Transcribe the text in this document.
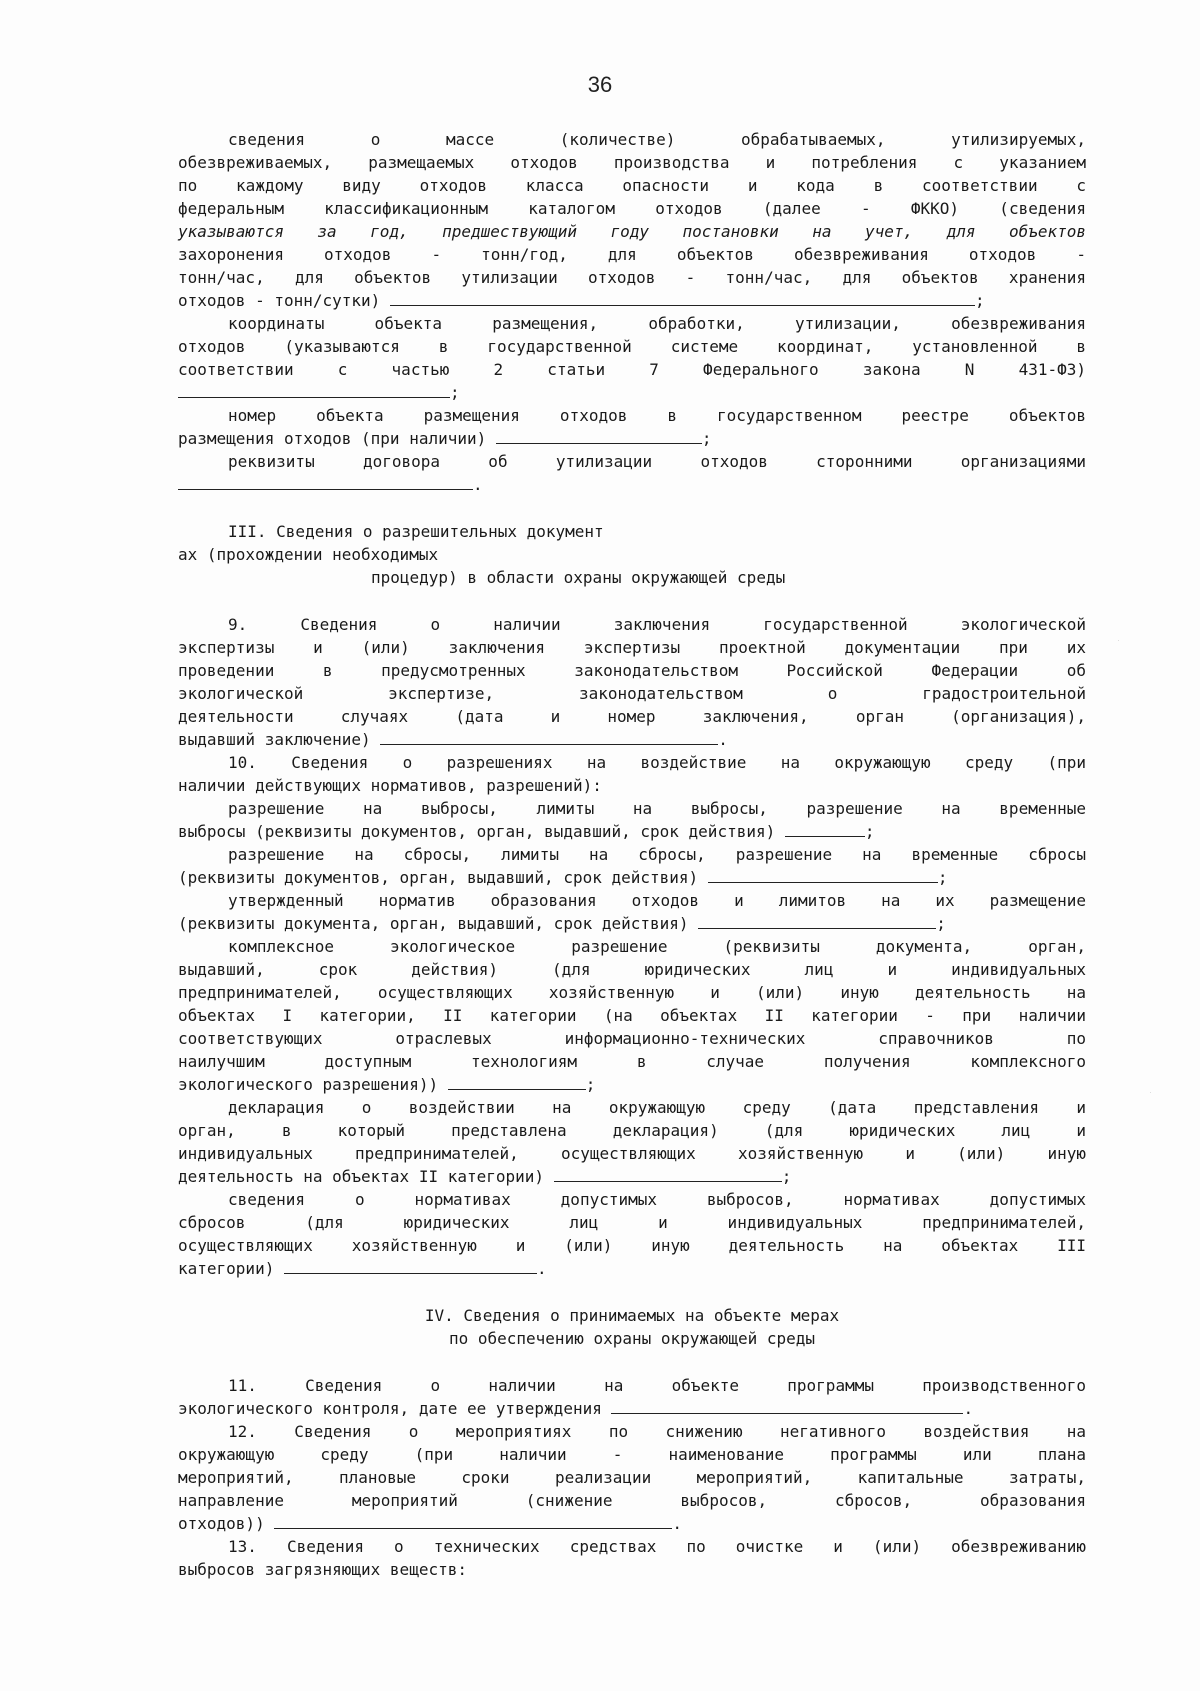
36
сведения о массе (количестве) обрабатываемых, утилизируемых,
обезвреживаемых, размещаемых отходов производства и потребления с указанием
по каждому виду отходов класса опасности и кода в соответствии с
федеральным классификационным каталогом отходов (далее - ФККО) (сведения
указываются за год, предшествующий году постановки на учет, для объектов
захоронения отходов - тонн/год, для объектов обезвреживания отходов -
тонн/час, для объектов утилизации отходов - тонн/час, для объектов хранения
отходов - тонн/сутки)	;
координаты объекта размещения, обработки, утилизации, обезвреживания
отходов (указываются в государственной системе координат, установленной в
соответствии с частью 2 статьи 7 Федерального закона N 431-ФЗ)
;
номер объекта размещения отходов в государственном реестре объектов
размещения отходов (при наличии)	;
реквизиты договора об утилизации отходов сторонними организациями
.
III. Сведения о разрешительных документ
ах (прохождении необходимых
процедур) в области охраны окружающей среды
9. Сведения о наличии заключения государственной экологической
экспертизы и (или) заключения экспертизы проектной документации при их
проведении в предусмотренных законодательством Российской Федерации об
экологической экспертизе, законодательством о градостроительной
деятельности случаях (дата и номер заключения, орган (организация),
выдавший заключение)	.
10. Сведения о разрешениях на воздействие на окружающую среду (при
наличии действующих нормативов, разрешений):
разрешение на выбросы, лимиты на выбросы, разрешение на временные
выбросы (реквизиты документов, орган, выдавший, срок действия)	;
разрешение на сбросы, лимиты на сбросы, разрешение на временные сбросы
(реквизиты документов, орган, выдавший, срок действия)	;
утвержденный норматив образования отходов и лимитов на их размещение
(реквизиты документа, орган, выдавший, срок действия)	;
комплексное экологическое разрешение (реквизиты документа, орган,
выдавший, срок действия) (для юридических лиц и индивидуальных
предпринимателей, осуществляющих хозяйственную и (или) иную деятельность на
объектах I категории, II категории (на объектах II категории - при наличии
соответствующих отраслевых информационно-технических справочников по
наилучшим доступным технологиям в случае получения комплексного
экологического разрешения))	;
декларация о воздействии на окружающую среду (дата представления и
орган, в который представлена декларация) (для юридических лиц и
индивидуальных предпринимателей, осуществляющих хозяйственную и (или) иную
деятельность на объектах II категории)	;
сведения о нормативах допустимых выбросов, нормативах допустимых
сбросов (для юридических лиц и индивидуальных предпринимателей,
осуществляющих хозяйственную и (или) иную деятельность на объектах III
категории)	.
IV. Сведения о принимаемых на объекте мерах
по обеспечению охраны окружающей среды
11. Сведения о наличии на объекте программы производственного
экологического контроля, дате ее утверждения	.
12. Сведения о мероприятиях по снижению негативного воздействия на
окружающую среду (при наличии - наименование программы или плана
мероприятий, плановые сроки реализации мероприятий, капитальные затраты,
направление мероприятий (снижение выбросов, сбросов, образования
отходов))	.
13. Сведения о технических средствах по очистке и (или) обезвреживанию
выбросов загрязняющих веществ:
